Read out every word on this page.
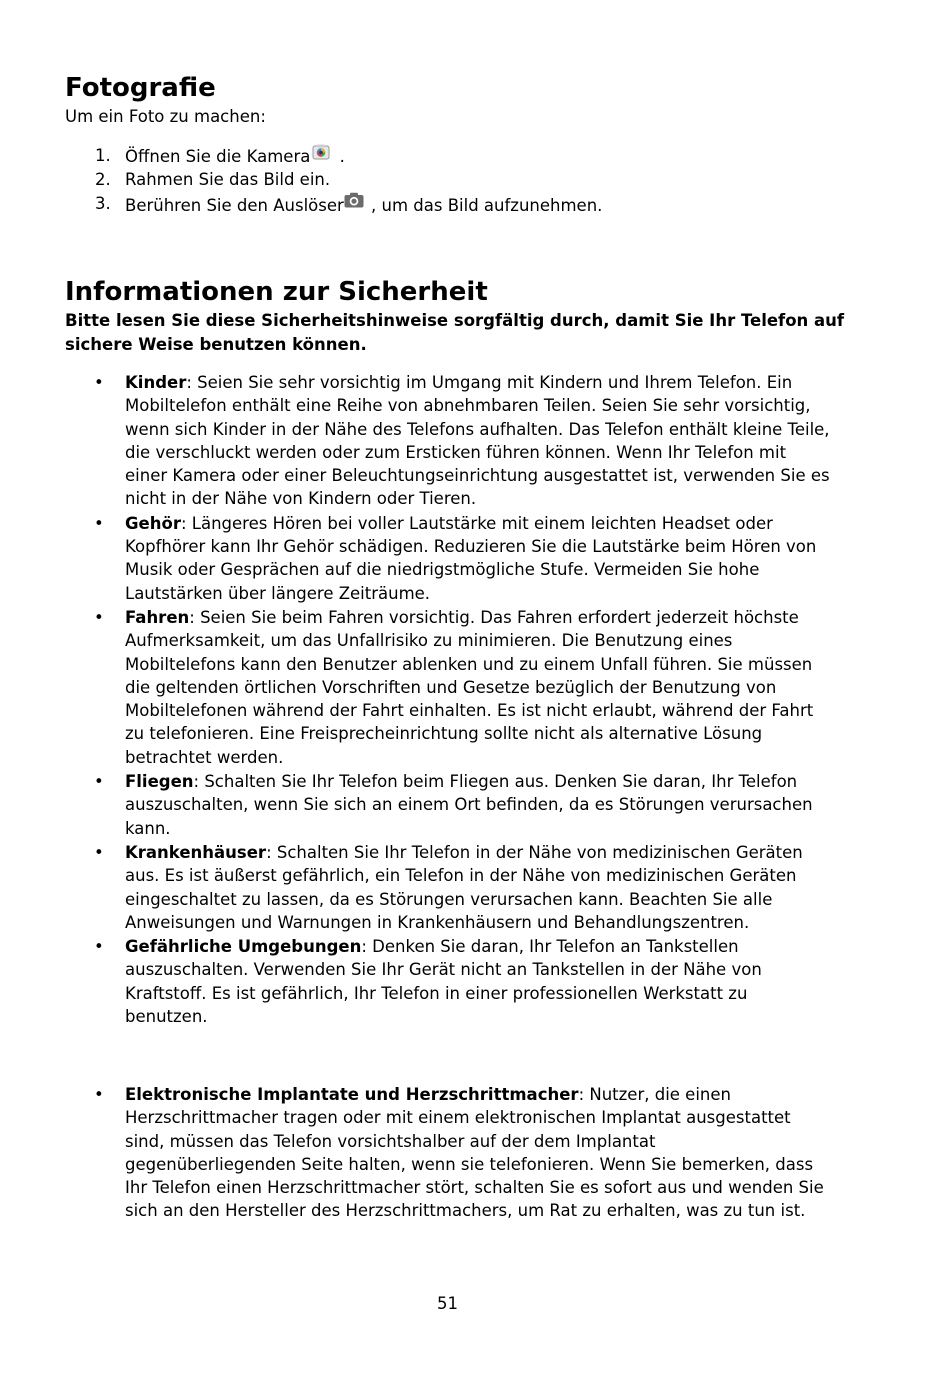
Fotografie
Um ein Foto zu machen:
1. Öffnen Sie die Kamera .
2. Rahmen Sie das Bild ein.
3. Berühren Sie den Auslöser , um das Bild aufzunehmen.
Informationen zur Sicherheit
Bitte lesen Sie diese Sicherheitshinweise sorgfältig durch, damit Sie Ihr Telefon auf sichere Weise benutzen können.
• Kinder: Seien Sie sehr vorsichtig im Umgang mit Kindern und Ihrem Telefon. Ein Mobiltelefon enthält eine Reihe von abnehmbaren Teilen. Seien Sie sehr vorsichtig, wenn sich Kinder in der Nähe des Telefons aufhalten. Das Telefon enthält kleine Teile, die verschluckt werden oder zum Ersticken führen können. Wenn Ihr Telefon mit einer Kamera oder einer Beleuchtungseinrichtung ausgestattet ist, verwenden Sie es nicht in der Nähe von Kindern oder Tieren.
• Gehör: Längeres Hören bei voller Lautstärke mit einem leichten Headset oder Kopfhörer kann Ihr Gehör schädigen. Reduzieren Sie die Lautstärke beim Hören von Musik oder Gesprächen auf die niedrigstmögliche Stufe. Vermeiden Sie hohe Lautstärken über längere Zeiträume.
• Fahren: Seien Sie beim Fahren vorsichtig. Das Fahren erfordert jederzeit höchste Aufmerksamkeit, um das Unfallrisiko zu minimieren. Die Benutzung eines Mobiltelefons kann den Benutzer ablenken und zu einem Unfall führen. Sie müssen die geltenden örtlichen Vorschriften und Gesetze bezüglich der Benutzung von Mobiltelefonen während der Fahrt einhalten. Es ist nicht erlaubt, während der Fahrt zu telefonieren. Eine Freisprecheinrichtung sollte nicht als alternative Lösung betrachtet werden.
• Fliegen: Schalten Sie Ihr Telefon beim Fliegen aus. Denken Sie daran, Ihr Telefon auszuschalten, wenn Sie sich an einem Ort befinden, da es Störungen verursachen kann.
• Krankenhäuser: Schalten Sie Ihr Telefon in der Nähe von medizinischen Geräten aus. Es ist äußerst gefährlich, ein Telefon in der Nähe von medizinischen Geräten eingeschaltet zu lassen, da es Störungen verursachen kann. Beachten Sie alle Anweisungen und Warnungen in Krankenhäusern und Behandlungszentren.
• Gefährliche Umgebungen: Denken Sie daran, Ihr Telefon an Tankstellen auszuschalten. Verwenden Sie Ihr Gerät nicht an Tankstellen in der Nähe von Kraftstoff. Es ist gefährlich, Ihr Telefon in einer professionellen Werkstatt zu benutzen.
• Elektronische Implantate und Herzschrittmacher: Nutzer, die einen Herzschrittmacher tragen oder mit einem elektronischen Implantat ausgestattet sind, müssen das Telefon vorsichtshalber auf der dem Implantat gegenüberliegenden Seite halten, wenn sie telefonieren. Wenn Sie bemerken, dass Ihr Telefon einen Herzschrittmacher stört, schalten Sie es sofort aus und wenden Sie sich an den Hersteller des Herzschrittmachers, um Rat zu erhalten, was zu tun ist.
51
